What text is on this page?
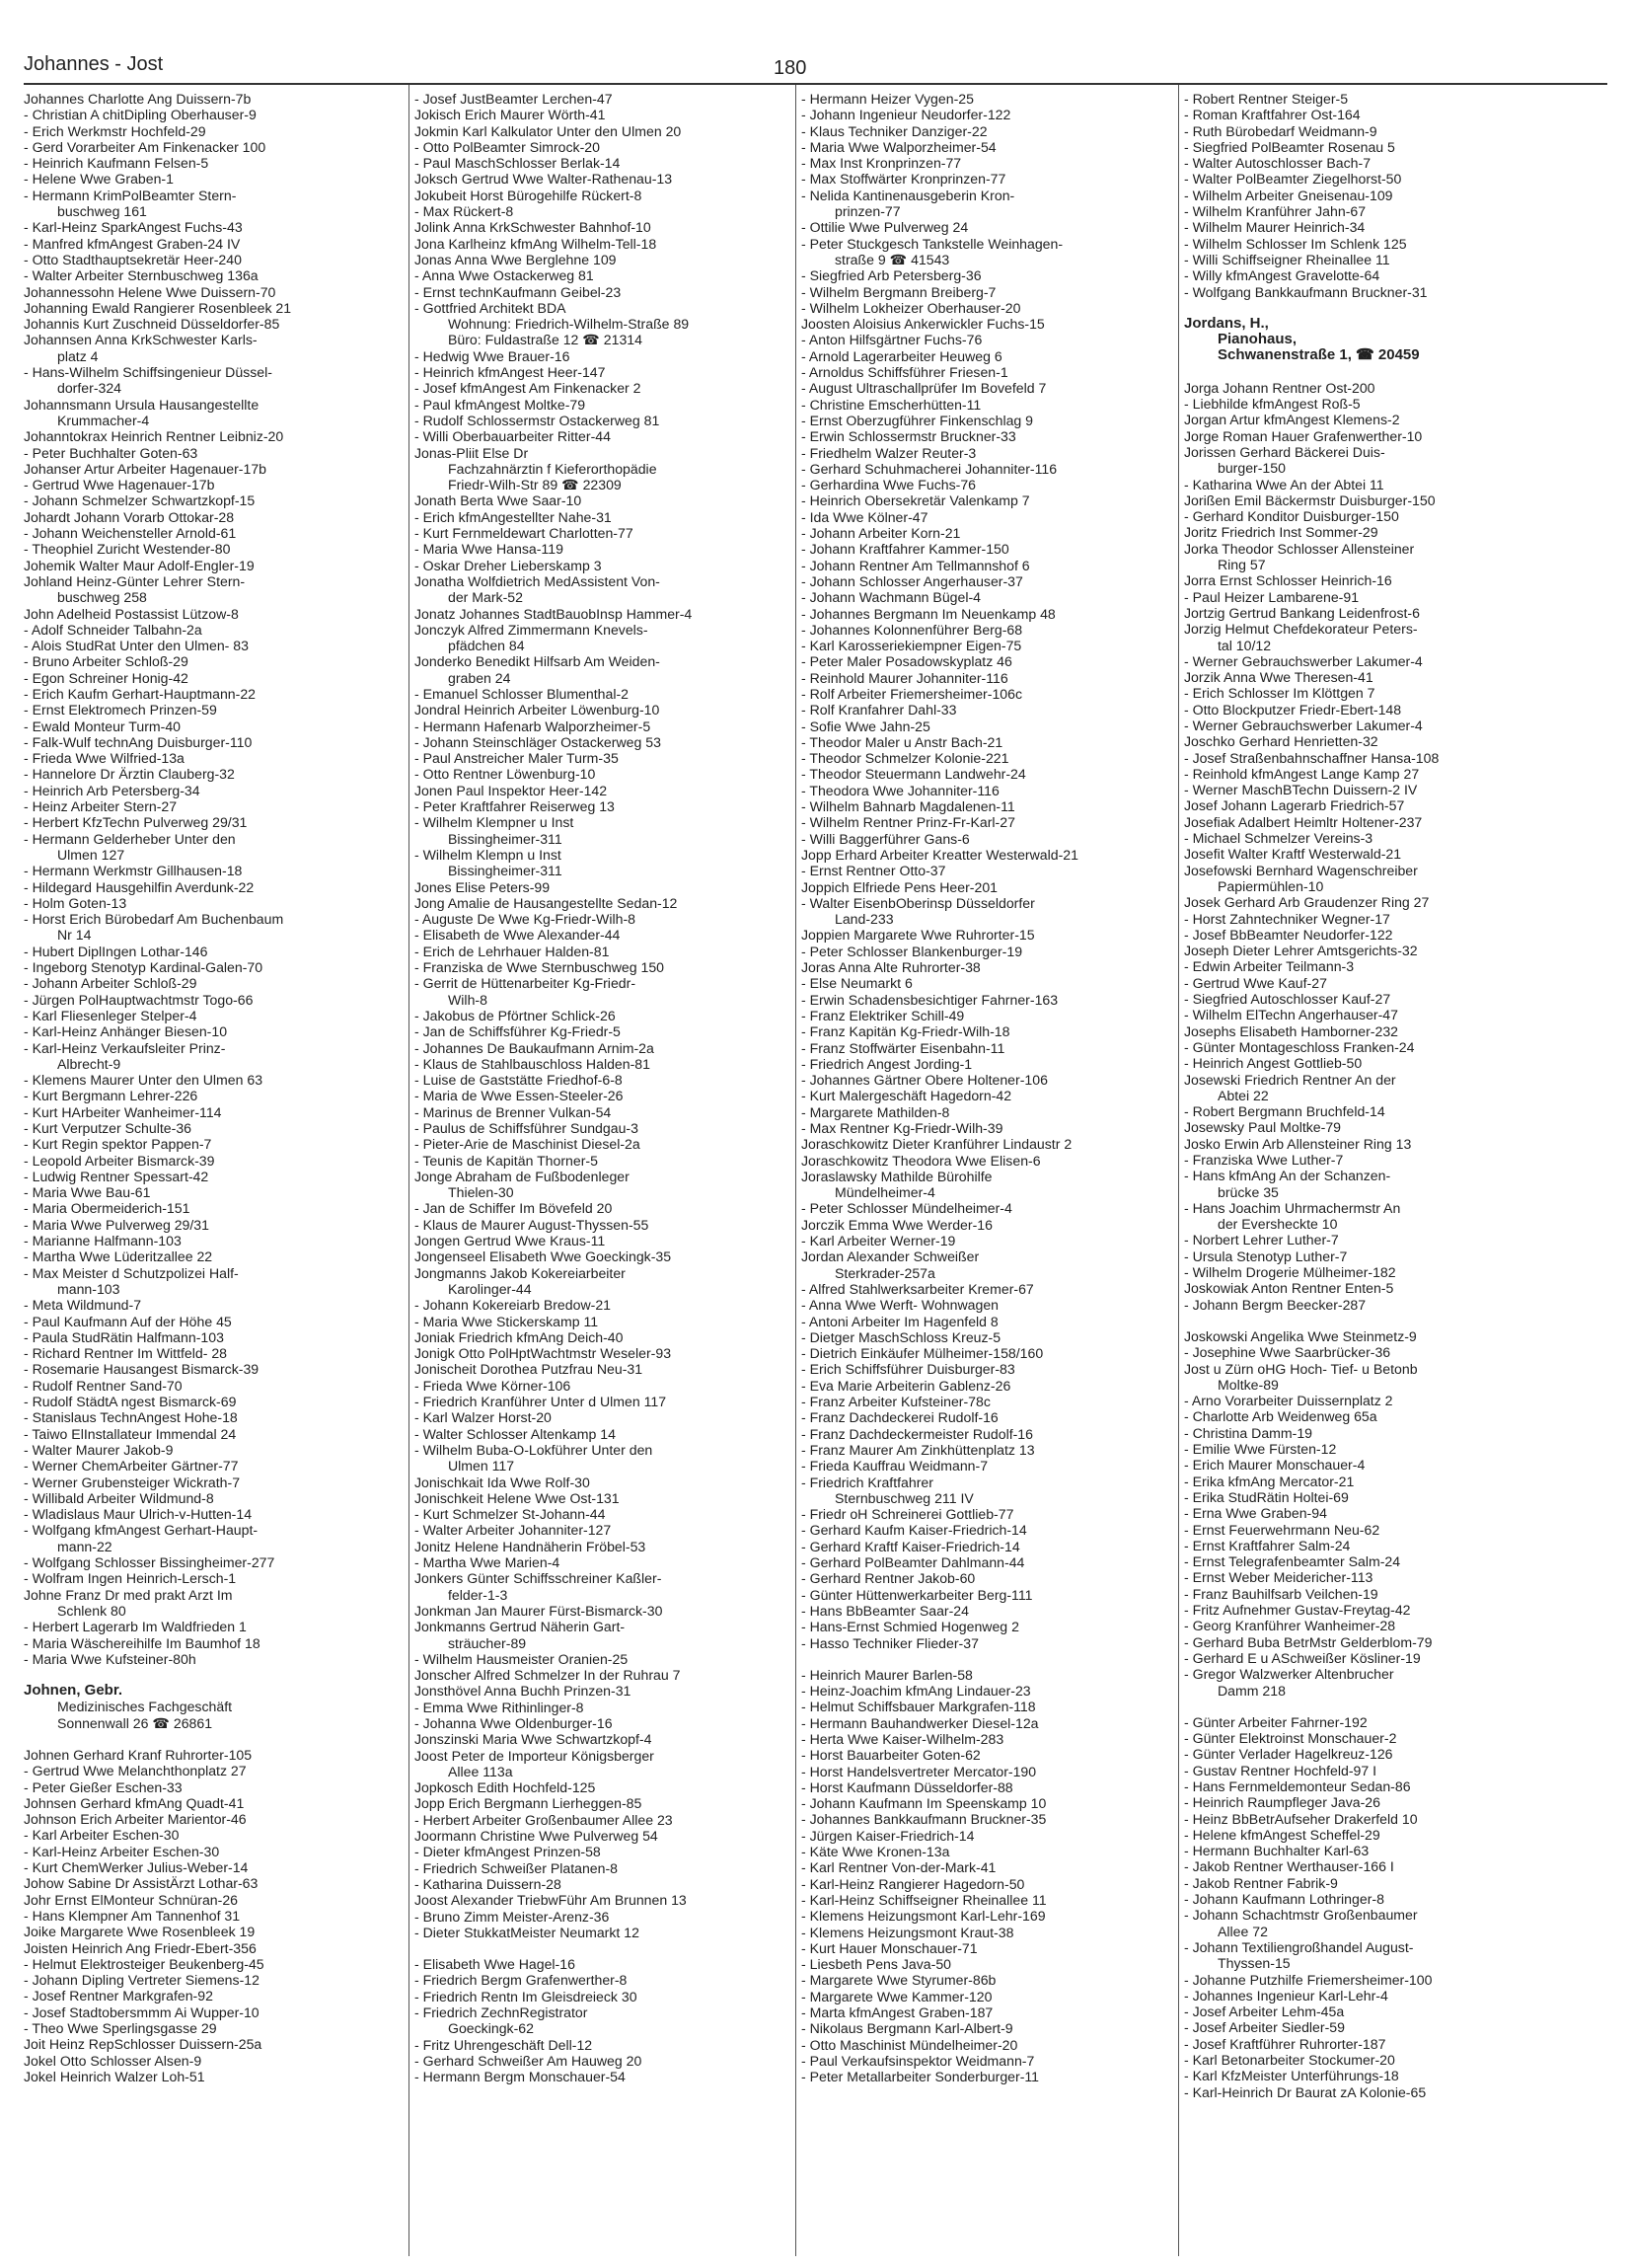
Johannes - Jost	180
Johannes Charlotte Ang Duissern-7b
- Christian A chitDipling Oberhauser-9
- Erich Werkmstr Hochfeld-29
- Gerd Vorarbeiter Am Finkenacker 100
- Heinrich Kaufmann Felsen-5
- Helene Wwe Graben-1
- Hermann KrimPolBeamter Stern-
buschweg 161
- Karl-Heinz SparkAngest Fuchs-43
- Manfred kfmAngest Graben-24 IV
- Otto Stadthauptsekretär Heer-240
- Walter Arbeiter Sternbuschweg 136a
Johannessohn Helene Wwe Duissern-70
Johanning Ewald Rangierer Rosenbleek 21
Johannis Kurt Zuschneid Düsseldorfer-85
Johannsen Anna KrkSchwester Karls-
platz 4
- Hans-Wilhelm Schiffsingenieur Düssel-
dorfer-324
Johannsmann Ursula Hausangestellte
Krummacher-4
Johanntokrax Heinrich Rentner Leibniz-20
- Peter Buchhalter Goten-63
Johanser Artur Arbeiter Hagenauer-17b
- Gertrud Wwe Hagenauer-17b
- Johann Schmelzer Schwartzkopf-15
Johardt Johann Vorarb Ottokar-28
- Johann Weichensteller Arnold-61
- Theophiel Zuricht Westender-80
Johemik Walter Maur Adolf-Engler-19
Johland Heinz-Günter Lehrer Stern-
buschweg 258
John Adelheid Postassist Lützow-8
- Adolf Schneider Talbahn-2a
- Alois StudRat Unter den Ulmen- 83
- Bruno Arbeiter Schloß-29
- Egon Schreiner Honig-42
- Erich Kaufm Gerhart-Hauptmann-22
- Ernst Elektromech Prinzen-59
- Ewald Monteur Turm-40
- Falk-Wulf technAng Duisburger-110
- Frieda Wwe Wilfried-13a
- Hannelore Dr Ärztin Clauberg-32
- Heinrich Arb Petersberg-34
- Heinz Arbeiter Stern-27
- Herbert KfzTechn Pulverweg 29/31
- Hermann Gelderheber Unter den
Ulmen 127
- Hermann Werkmstr Gillhausen-18
- Hildegard Hausgehilfin Averdunk-22
- Holm Goten-13
- Horst Erich Bürobedarf Am Buchenbaum
Nr 14
- Hubert DiplIngen Lothar-146
- Ingeborg Stenotyp Kardinal-Galen-70
- Johann Arbeiter Schloß-29
- Jürgen PolHauptwachtmstr Togo-66
- Karl Fliesenleger Stelper-4
- Karl-Heinz Anhänger Biesen-10
- Karl-Heinz Verkaufsleiter Prinz-
Albrecht-9
- Klemens Maurer Unter den Ulmen 63
- Kurt Bergmann Lehrer-226
- Kurt HArbeiter Wanheimer-114
- Kurt Verputzer Schulte-36
- Kurt Regin spektor Pappen-7
- Leopold Arbeiter Bismarck-39
- Ludwig Rentner Spessart-42
- Maria Wwe Bau-61
- Maria Obermeiderich-151
- Maria Wwe Pulverweg 29/31
- Marianne Halfmann-103
- Martha Wwe Lüderitzallee 22
- Max Meister d Schutzpolizei Half-
mann-103
- Meta Wildmund-7
- Paul Kaufmann Auf der Höhe 45
- Paula StudRätin Halfmann-103
- Richard Rentner Im Wittfeld- 28
- Rosemarie Hausangest Bismarck-39
- Rudolf Rentner Sand-70
- Rudolf StädtA ngest Bismarck-69
- Stanislaus TechnAngest Hohe-18
- Taiwo ElInstallateur Immendal 24
- Walter Maurer Jakob-9
- Werner ChemArbeiter Gärtner-77
- Werner Grubensteiger Wickrath-7
- Willibald Arbeiter Wildmund-8
- Wladislaus Maur Ulrich-v-Hutten-14
- Wolfgang kfmAngest Gerhart-Haupt-
mann-22
- Wolfgang Schlosser Bissingheimer-277
- Wolfram Ingen Heinrich-Lersch-1
Johne Franz Dr med prakt Arzt Im
Schlenk 80
- Herbert Lagerarb Im Waldfrieden 1
- Maria Wäschereihilfe Im Baumhof 18
- Maria Wwe Kufsteiner-80h
Johnen, Gebr.
Medizinisches Fachgeschäft
Sonnenwall 26 ☎ 26861
Johnen Gerhard Kranf Ruhrorter-105
- Gertrud Wwe Melanchthonplatz 27
- Peter Gießer Eschen-33
Johnsen Gerhard kfmAng Quadt-41
Johnson Erich Arbeiter Marientor-46
- Karl Arbeiter Eschen-30
- Karl-Heinz Arbeiter Eschen-30
- Kurt ChemWerker Julius-Weber-14
Johow Sabine Dr AssistÄrzt Lothar-63
Johr Ernst ElMonteur Schnüran-26
- Hans Klempner Am Tannenhof 31
Joike Margarete Wwe Rosenbleek 19
Joisten Heinrich Ang Friedr-Ebert-356
- Helmut Elektrosteiger Beukenberg-45
- Johann Dipling Vertreter Siemens-12
- Josef Rentner Markgrafen-92
- Josef Stadtobersmmm Ai Wupper-10
- Theo Wwe Sperlingsgasse 29
Joit Heinz RepSchlosser Duissern-25a
Jokel Otto Schlosser Alsen-9
Jokel Heinrich Walzer Loh-51
- Josef JustBeamter Lerchen-47
Jokisch Erich Maurer Wörth-41
Jokmin Karl Kalkulator Unter den Ulmen 20
- Otto PolBeamter Simrock-20
- Paul MaschSchlosser Berlak-14
Joksch Gertrud Wwe Walter-Rathenau-13
Jokubeit Horst Bürogehilfe Rückert-8
- Max Rückert-8
Jolink Anna KrkSchwester Bahnhof-10
Jona Karlheinz kfmAng Wilhelm-Tell-18
Jonas Anna Wwe Berglehne 109
- Anna Wwe Ostackerweg 81
- Ernst technKaufmann Geibel-23
- Gottfried Architekt BDA
Wohnung: Friedrich-Wilhelm-Straße 89
Büro: Fuldastraße 12 ☎ 21314
- Hedwig Wwe Brauer-16
- Heinrich kfmAngest Heer-147
- Josef kfmAngest Am Finkenacker 2
- Paul kfmAngest Moltke-79
- Rudolf Schlossermstr Ostackerweg 81
- Willi Oberbauarbeiter Ritter-44
Jonas-Pliit Else Dr
Fachzahnärztin f Kieferorthopädie
Friedr-Wilh-Str 89 ☎ 22309
Jonath Berta Wwe Saar-10
- Erich kfmAngestellter Nahe-31
- Kurt Fernmeldewart Charlotten-77
- Maria Wwe Hansa-119
- Oskar Dreher Lieberskamp 3
Jonatha Wolfdietrich MedAssistent Von-
der Mark-52
Jonatz Johannes StadtBauobInsp Hammer-4
Jonczyk Alfred Zimmermann Knevels-
pfädchen 84
Jonderko Benedikt Hilfsarb Am Weiden-
graben 24
- Emanuel Schlosser Blumenthal-2
Jondral Heinrich Arbeiter Löwenburg-10
- Hermann Hafenarb Walporzheimer-5
- Johann Steinschläger Ostackerweg 53
- Paul Anstreicher Maler Turm-35
- Otto Rentner Löwenburg-10
Jonen Paul Inspektor Heer-142
- Peter Kraftfahrer Reiserweg 13
- Wilhelm Klempner u Inst
Bissingheimer-311
- Wilhelm Klempn u Inst
Bissingheimer-311
Jones Elise Peters-99
Jong Amalie de Hausangestellte Sedan-12
- Auguste De Wwe Kg-Friedr-Wilh-8
- Elisabeth de Wwe Alexander-44
- Erich de Lehrhauer Halden-81
- Franziska de Wwe Sternbuschweg 150
- Gerrit de Hüttenarbeiter Kg-Friedr-
Wilh-8
- Jakobus de Pförtner Schlick-26
- Jan de Schiffsführer Kg-Friedr-5
- Johannes De Baukaufmann Arnim-2a
- Klaus de Stahlbauschloss Halden-81
- Luise de Gaststätte Friedhof-6-8
- Maria de Wwe Essen-Steeler-26
- Marinus de Brenner Vulkan-54
- Paulus de Schiffsführer Sundgau-3
- Pieter-Arie de Maschinist Diesel-2a
- Teunis de Kapitän Thorner-5
Jonge Abraham de Fußbodenleger
Thielen-30
- Jan de Schiffer Im Bövefeld 20
- Klaus de Maurer August-Thyssen-55
Jongen Gertrud Wwe Kraus-11
Jongenseel Elisabeth Wwe Goeckingk-35
Jongmanns Jakob Kokereiarbeiter
Karolinger-44
- Johann Kokereiarb Bredow-21
- Maria Wwe Stickerskamp 11
Joniak Friedrich kfmAng Deich-40
Jonigk Otto PolHptWachtmstr Weseler-93
Jonischeit Dorothea Putzfrau Neu-31
- Frieda Wwe Körner-106
- Friedrich Kranführer Unter d Ulmen 117
- Karl Walzer Horst-20
- Walter Schlosser Altenkamp 14
- Wilhelm Buba-O-Lokführer Unter den
Ulmen 117
Jonischkait Ida Wwe Rolf-30
Jonischkeit Helene Wwe Ost-131
- Kurt Schmelzer St-Johann-44
- Walter Arbeiter Johanniter-127
Jonitz Helene Handnäherin Fröbel-53
- Martha Wwe Marien-4
Jonkers Günter Schiffsschreiner Kaßler-
felder-1-3
Jonkman Jan Maurer Fürst-Bismarck-30
Jonkmanns Gertrud Näherin Gart-
sträucher-89
- Wilhelm Hausmeister Oranien-25
Jonscher Alfred Schmelzer In der Ruhrau 7
Jonsthövel Anna Buchh Prinzen-31
- Emma Wwe Rithinlinger-8
- Johanna Wwe Oldenburger-16
Jonszinski Maria Wwe Schwartzkopf-4
Joost Peter de Importeur Königsberger
Allee 113a
Jopkosch Edith Hochfeld-125
Jopp Erich Bergmann Lierheggen-85
- Herbert Arbeiter Großenbaumer Allee 23
Joormann Christine Wwe Pulverweg 54
- Dieter kfmAngest Prinzen-58
- Friedrich Schweißer Platanen-8
- Katharina Duissern-28
Joost Alexander TriebwFühr Am Brunnen 13
- Bruno Zimm Meister-Arenz-36
- Dieter StukkatMeister Neumarkt 12
- Elisabeth Wwe Hagel-16
- Friedrich Bergm Grafenwerther-8
- Friedrich Rentn Im Gleisdreieck 30
- Friedrich ZechnRegistrator
Goeckingk-62
- Fritz Uhrengeschäft Dell-12
- Gerhard Schweißer Am Hauweg 20
- Hermann Bergm Monschauer-54
- Hermann Heizer Vygen-25
- Johann Ingenieur Neudorfer-122
- Klaus Techniker Danziger-22
- Maria Wwe Walporzheimer-54
- Max Inst Kronprinzen-77
- Max Stoffwärter Kronprinzen-77
- Nelida Kantinenausgeberin Kron-
prinzen-77
- Ottilie Wwe Pulverweg 24
- Peter Stuckgesch Tankstelle Weinhagen-
straße 9 ☎ 41543
- Siegfried Arb Petersberg-36
- Wilhelm Bergmann Breiberg-7
- Wilhelm Lokheizer Oberhauser-20
Joosten Aloisius Ankerwickler Fuchs-15
- Anton Hilfsgärtner Fuchs-76
- Arnold Lagerarbeiter Heuweg 6
- Arnoldus Schiffsführer Friesen-1
- August Ultraschallprüfer Im Bovefeld 7
- Christine Emscherhütten-11
- Ernst Oberzugführer Finkenschlag 9
- Erwin Schlossermstr Bruckner-33
- Friedhelm Walzer Reuter-3
- Gerhard Schuhmacherei Johanniter-116
- Gerhardina Wwe Fuchs-76
- Heinrich Obersekretär Valenkamp 7
- Ida Wwe Kölner-47
- Johann Arbeiter Korn-21
- Johann Kraftfahrer Kammer-150
- Johann Rentner Am Tellmannshof 6
- Johann Schlosser Angerhauser-37
- Johann Wachmann Bügel-4
- Johannes Bergmann Im Neuenkamp 48
- Johannes Kolonnenführer Berg-68
- Karl Karosseriekiempner Eigen-75
- Peter Maler Posadowskyplatz 46
- Reinhold Maurer Johanniter-116
- Rolf Arbeiter Friemersheimer-106c
- Rolf Kranfahrer Dahl-33
- Sofie Wwe Jahn-25
- Theodor Maler u Anstr Bach-21
- Theodor Schmelzer Kolonie-221
- Theodor Steuermann Landwehr-24
- Theodora Wwe Johanniter-116
- Wilhelm Bahnarb Magdalenen-11
- Wilhelm Rentner Prinz-Fr-Karl-27
- Willi Baggerführer Gans-6
Jopp Erhard Arbeiter Kreatter Westerwald-21
- Ernst Rentner Otto-37
Joppich Elfriede Pens Heer-201
- Walter EisenbOberinsp Düsseldorfer
Land-233
Joppien Margarete Wwe Ruhrorter-15
- Peter Schlosser Blankenburger-19
Joras Anna Alte Ruhrorter-38
- Else Neumarkt 6
- Erwin Schadensbesichtiger Fahrner-163
- Franz Elektriker Schill-49
- Franz Kapitän Kg-Friedr-Wilh-18
- Franz Stoffwärter Eisenbahn-11
- Friedrich Angest Jording-1
- Johannes Gärtner Obere Holtener-106
- Kurt Malergeschäft Hagedorn-42
- Margarete Mathilden-8
- Max Rentner Kg-Friedr-Wilh-39
Joraschkowitz Dieter Kranführer Lindaustr 2
Joraschkowitz Theodora Wwe Elisen-6
Joraslawsky Mathilde Bürohilfe
Mündelheimer-4
- Peter Schlosser Mündelheimer-4
Jorczik Emma Wwe Werder-16
- Karl Arbeiter Werner-19
Jordan Alexander Schweißer
Sterkrader-257a
- Alfred Stahlwerksarbeiter Kremer-67
- Anna Wwe Werft- Wohnwagen
- Antoni Arbeiter Im Hagenfeld 8
- Dietger MaschSchloss Kreuz-5
- Dietrich Einkäufer Mülheimer-158/160
- Erich Schiffsführer Duisburger-83
- Eva Marie Arbeiterin Gablenz-26
- Franz Arbeiter Kufsteiner-78c
- Franz Dachdeckerei Rudolf-16
- Franz Dachdeckermeister Rudolf-16
- Franz Maurer Am Zinkhüttenplatz 13
- Frieda Kauffrau Weidmann-7
- Friedrich Kraftfahrer
Sternbuschweg 211 IV
- Friedr oH Schreinerei Gottlieb-77
- Gerhard Kaufm Kaiser-Friedrich-14
- Gerhard Kraftf Kaiser-Friedrich-14
- Gerhard PolBeamter Dahlmann-44
- Gerhard Rentner Jakob-60
- Günter Hüttenwerkarbeiter Berg-111
- Hans BbBeamter Saar-24
- Hans-Ernst Schmied Hogenweg 2
- Hasso Techniker Flieder-37
- Heinrich Maurer Barlen-58
- Heinz-Joachim kfmAng Lindauer-23
- Helmut Schiffsbauer Markgrafen-118
- Hermann Bauhandwerker Diesel-12a
- Herta Wwe Kaiser-Wilhelm-283
- Horst Bauarbeiter Goten-62
- Horst Handelsvertreter Mercator-190
- Horst Kaufmann Düsseldorfer-88
- Johann Kaufmann Im Speenskamp 10
- Johannes Bankkaufmann Bruckner-35
- Jürgen Kaiser-Friedrich-14
- Käte Wwe Kronen-13a
- Karl Rentner Von-der-Mark-41
- Karl-Heinz Rangierer Hagedorn-50
- Karl-Heinz Schiffseigner Rheinallee 11
- Klemens Heizungsmont Karl-Lehr-169
- Klemens Heizungsmont Kraut-38
- Kurt Hauer Monschauer-71
- Liesbeth Pens Java-50
- Margarete Wwe Styrumer-86b
- Margarete Wwe Kammer-120
- Marta kfmAngest Graben-187
- Nikolaus Bergmann Karl-Albert-9
- Otto Maschinist Mündelheimer-20
- Paul Verkaufsinspektor Weidmann-7
- Peter Metallarbeiter Sonderburger-11
- Robert Rentner Steiger-5
- Roman Kraftfahrer Ost-164
- Ruth Bürobedarf Weidmann-9
- Siegfried PolBeamter Rosenau 5
- Walter Autoschlosser Bach-7
- Walter PolBeamter Ziegelhorst-50
- Wilhelm Arbeiter Gneisenau-109
- Wilhelm Kranführer Jahn-67
- Wilhelm Maurer Heinrich-34
- Wilhelm Schlosser Im Schlenk 125
- Willi Schiffseigner Rheinallee 11
- Willy kfmAngest Gravelotte-64
- Wolfgang Bankkaufmann Bruckner-31
Jordans, H.,
Pianohaus,
Schwanenstraße 1, ☎ 20459
Jorga Johann Rentner Ost-200
- Liebhilde kfmAngest Roß-5
Jorgan Artur kfmAngest Klemens-2
Jorge Roman Hauer Grafenwerther-10
Jorissen Gerhard Bäckerei Duis-
burger-150
- Katharina Wwe An der Abtei 11
Jorißen Emil Bäckermstr Duisburger-150
- Gerhard Konditor Duisburger-150
Joritz Friedrich Inst Sommer-29
Jorka Theodor Schlosser Allensteiner
Ring 57
Jorra Ernst Schlosser Heinrich-16
- Paul Heizer Lambarene-91
Jortzig Gertrud Bankang Leidenfrost-6
Jorzig Helmut Chefdekorateur Peters-
tal 10/12
- Werner Gebrauchswerber Lakumer-4
Jorzik Anna Wwe Theresen-41
- Erich Schlosser Im Klöttgen 7
- Otto Blockputzer Friedr-Ebert-148
- Werner Gebrauchswerber Lakumer-4
Joschko Gerhard Henrietten-32
- Josef Straßenbahnschaffner Hansa-108
- Reinhold kfmAngest Lange Kamp 27
- Werner MaschBTechn Duissern-2 IV
Josef Johann Lagerarb Friedrich-57
Josefiak Adalbert Heimltr Holtener-237
- Michael Schmelzer Vereins-3
Josefit Walter Kraftf Westerwald-21
Josefowski Bernhard Wagenschreiber
Papiermühlen-10
Josek Gerhard Arb Graudenzer Ring 27
- Horst Zahntechniker Wegner-17
- Josef BbBeamter Neudorfer-122
Joseph Dieter Lehrer Amtsgerichts-32
- Edwin Arbeiter Teilmann-3
- Gertrud Wwe Kauf-27
- Siegfried Autoschlosser Kauf-27
- Wilhelm ElTechn Angerhauser-47
Josephs Elisabeth Hamborner-232
- Günter Montageschloss Franken-24
- Heinrich Angest Gottlieb-50
Josewski Friedrich Rentner An der
Abtei 22
- Robert Bergmann Bruchfeld-14
Josewsky Paul Moltke-79
Josko Erwin Arb Allensteiner Ring 13
- Franziska Wwe Luther-7
- Hans kfmAng An der Schanzen-
brücke 35
- Hans Joachim Uhrmachermstr An
der Eversheckte 10
- Norbert Lehrer Luther-7
- Ursula Stenotyp Luther-7
- Wilhelm Drogerie Mülheimer-182
Joskowiak Anton Rentner Enten-5
- Johann Bergm Beecker-287
Joskowski Angelika Wwe Steinmetz-9
- Josephine Wwe Saarbrücker-36
Jost u Zürn oHG Hoch- Tief- u Betonb
Moltke-89
- Arno Vorarbeiter Duissernplatz 2
- Charlotte Arb Weidenweg 65a
- Christina Damm-19
- Emilie Wwe Fürsten-12
- Erich Maurer Monschauer-4
- Erika kfmAng Mercator-21
- Erika StudRätin Holtei-69
- Erna Wwe Graben-94
- Ernst Feuerwehrmann Neu-62
- Ernst Kraftfahrer Salm-24
- Ernst Telegrafenbeamter Salm-24
- Ernst Weber Meidericher-113
- Franz Bauhilfsarb Veilchen-19
- Fritz Aufnehmer Gustav-Freytag-42
- Georg Kranführer Wanheimer-28
- Gerhard Buba BetrMstr Gelderblom-79
- Gerhard E u ASchweißer Kösliner-19
- Gregor Walzwerker Altenbrucher
Damm 218
- Günter Arbeiter Fahrner-192
- Günter Elektroinst Monschauer-2
- Günter Verlader Hagelkreuz-126
- Gustav Rentner Hochfeld-97 I
- Hans Fernmeldemonteur Sedan-86
- Heinrich Raumpfleger Java-26
- Heinz BbBetrAufseher Drakerfeld 10
- Helene kfmAngest Scheffel-29
- Hermann Buchhalter Karl-63
- Jakob Rentner Werthauser-166 I
- Jakob Rentner Fabrik-9
- Johann Kaufmann Lothringer-8
- Johann Schachtmstr Großenbaumer
Allee 72
- Johann Textiliengroßhandel August-
Thyssen-15
- Johanne Putzhilfe Friemersheimer-100
- Johannes Ingenieur Karl-Lehr-4
- Josef Arbeiter Lehm-45a
- Josef Arbeiter Siedler-59
- Josef Kraftführer Ruhrorter-187
- Karl Betonarbeiter Stockumer-20
- Karl KfzMeister Unterführungs-18
- Karl-Heinrich Dr Baurat zA Kolonie-65
